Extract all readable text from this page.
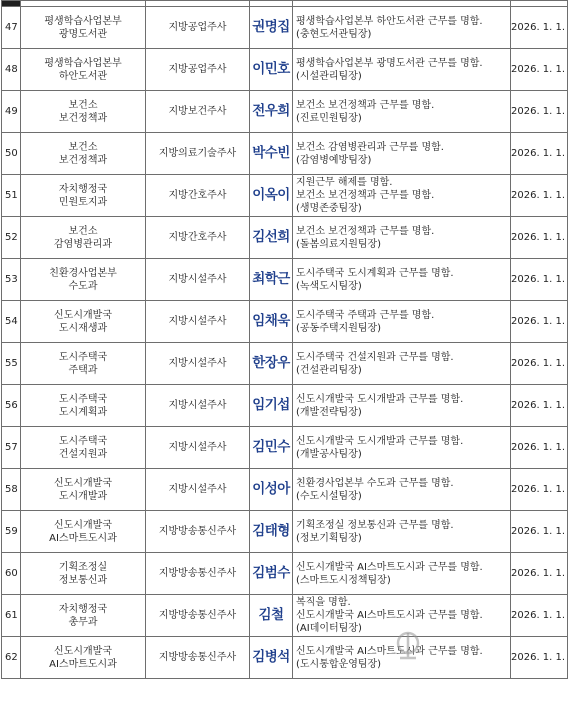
47	평생학습사업본부
광명도서관	지방공업주사	권명집	평생학습사업본부 하안도서관 근무를 명함.
(충현도서관팀장)	2026. 1. 1.
48	평생학습사업본부
하안도서관	지방공업주사	이민호	평생학습사업본부 광명도서관 근무를 명함.
(시설관리팀장)	2026. 1. 1.
49	보건소
보건정책과	지방보건주사	전우희	보건소 보건정책과 근무를 명함.
(진료민원팀장)	2026. 1. 1.
50	보건소
보건정책과	지방의료기술주사	박수빈	보건소 감염병관리과 근무를 명함.
(감염병예방팀장)	2026. 1. 1.
51	자치행정국
민원토지과	지방간호주사	이옥이	지원근무 해제를 명함.
보건소 보건정책과 근무를 명함.
(생명존중팀장)	2026. 1. 1.
52	보건소
감염병관리과	지방간호주사	김선희	보건소 보건정책과 근무를 명함.
(돌봄의료지원팀장)	2026. 1. 1.
53	친환경사업본부
수도과	지방시설주사	최학근	도시주택국 도시계획과 근무를 명함.
(녹색도시팀장)	2026. 1. 1.
54	신도시개발국
도시재생과	지방시설주사	임채욱	도시주택국 주택과 근무를 명함.
(공동주택지원팀장)	2026. 1. 1.
55	도시주택국
주택과	지방시설주사	한장우	도시주택국 건설지원과 근무를 명함.
(건설관리팀장)	2026. 1. 1.
56	도시주택국
도시계획과	지방시설주사	임기섭	신도시개발국 도시개발과 근무를 명함.
(개발전략팀장)	2026. 1. 1.
57	도시주택국
건설지원과	지방시설주사	김민수	신도시개발국 도시개발과 근무를 명함.
(개발공사팀장)	2026. 1. 1.
58	신도시개발국
도시개발과	지방시설주사	이성아	친환경사업본부 수도과 근무를 명함.
(수도시설팀장)	2026. 1. 1.
59	신도시개발국
AI스마트도시과	지방방송통신주사	김태형	기획조정실 정보통신과 근무를 명함.
(정보기획팀장)	2026. 1. 1.
60	기획조정실
정보통신과	지방방송통신주사	김범수	신도시개발국 AI스마트도시과 근무를 명함.
(스마트도시정책팀장)	2026. 1. 1.
61	자치행정국
총무과	지방방송통신주사	김철	복직을 명함.
신도시개발국 AI스마트도시과 근무를 명함.
(AI데이터팀장)	2026. 1. 1.
62	신도시개발국
AI스마트도시과	지방방송통신주사	김병석	신도시개발국 AI스마트도시과 근무를 명함.
(도시통합운영팀장)	2026. 1. 1.
